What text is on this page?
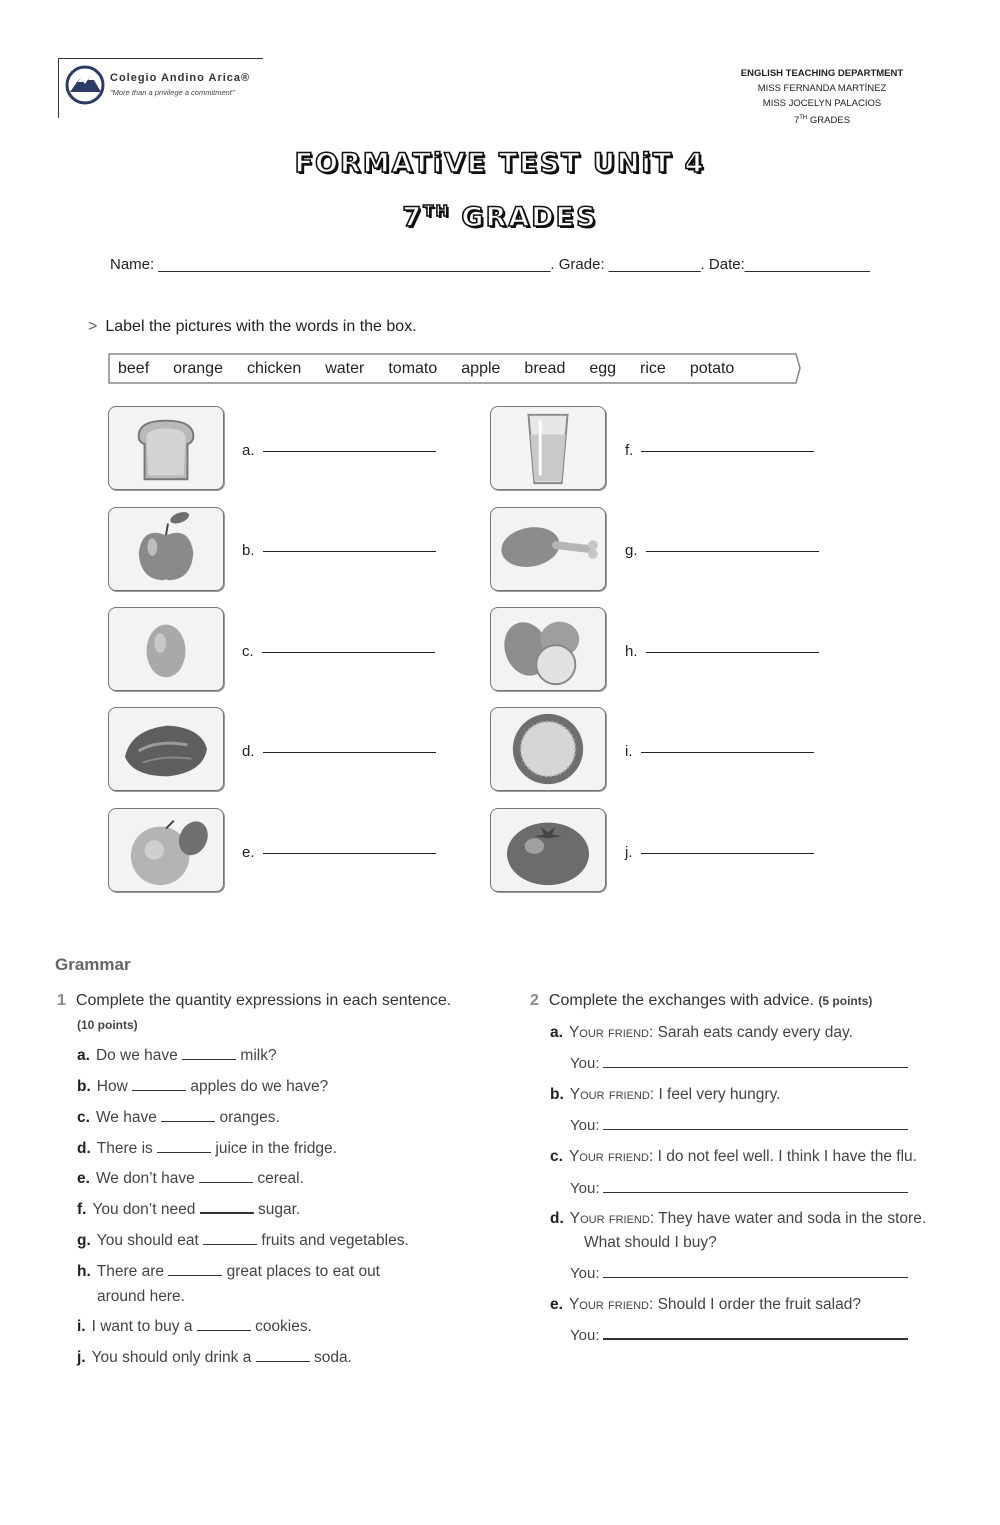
Colegio Andino Arica®
"More than a privilege a commitment"
ENGLISH TEACHING DEPARTMENT
MISS FERNANDA MARTÍNEZ
MISS JOCELYN PALACIOS
7TH GRADES
FORMATiVE TEST UNiT 4
7TH GRADES
Name: _______________________________________________. Grade: ___________. Date:_______________
> Label the pictures with the words in the box.
beef orange chicken water tomato apple bread egg rice potato
a.
b.
c.
d.
e.
f.
g.
h.
i.
j.
Grammar
1 Complete the quantity expressions in each sentence.
(10 points)
a. Do we have	milk?
b. How	apples do we have?
c. We have	oranges.
d. There is	juice in the fridge.
e. We don’t have	cereal.
f. You don’t need	sugar.
g. You should eat	fruits and vegetables.
h. There are	great places to eat out
around here.
i. I want to buy a	cookies.
j. You should only drink a	soda.
2 Complete the exchanges with advice. (5 points)
a. Your friend: Sarah eats candy every day.
You:
b. Your friend: I feel very hungry.
You:
c. Your friend: I do not feel well. I think I have the flu.
You:
d. Your friend: They have water and soda in the store.
What should I buy?
You:
e. Your friend: Should I order the fruit salad?
You:
